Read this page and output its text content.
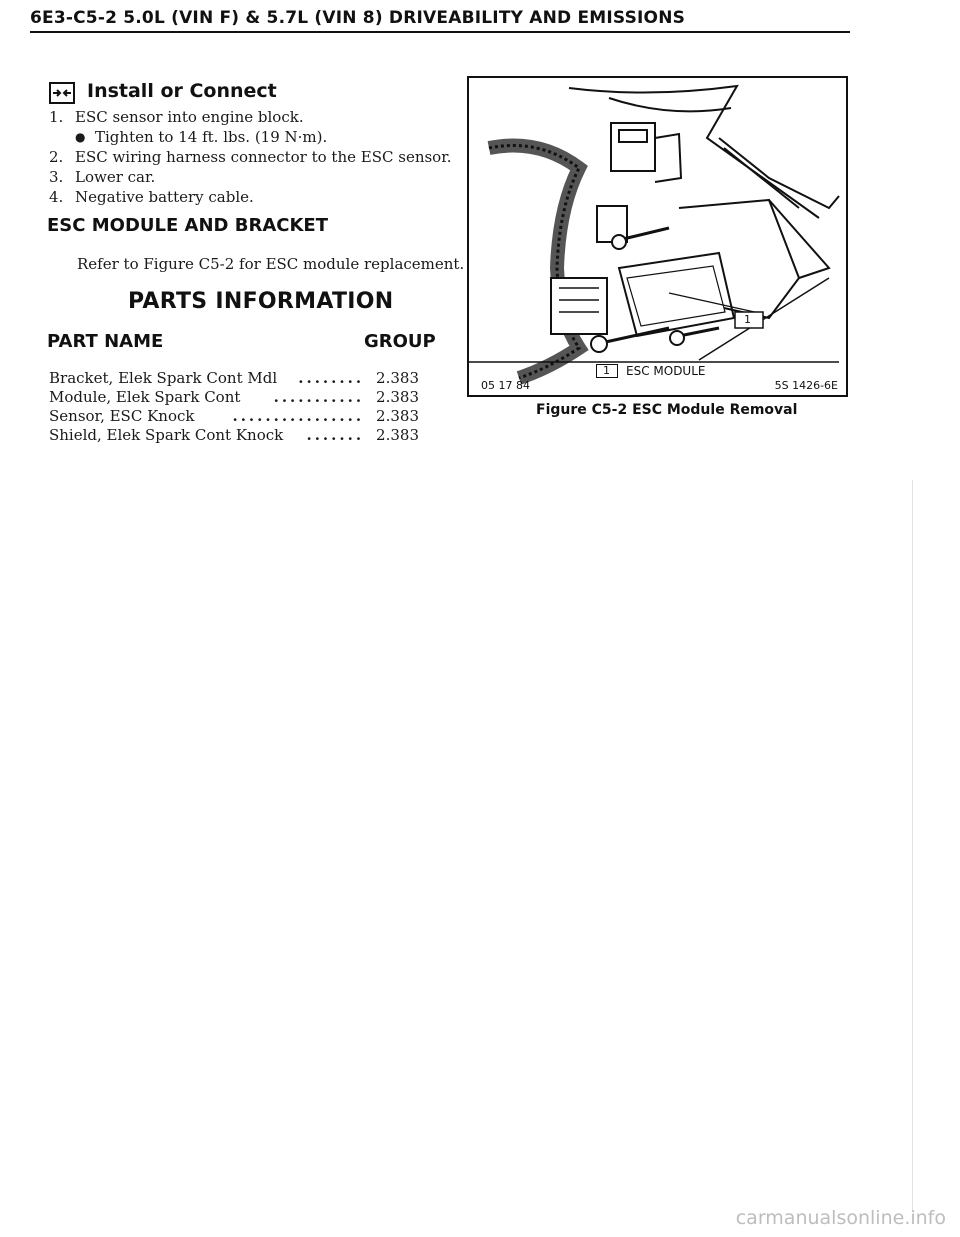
6E3-C5-2 5.0L (VIN F) & 5.7L (VIN 8) DRIVEABILITY AND EMISSIONS
Install or Connect
1. ESC sensor into engine block.
● Tighten to 14 ft. lbs. (19 N·m).
2. ESC wiring harness connector to the ESC sensor.
3. Lower car.
4. Negative battery cable.
ESC MODULE AND BRACKET
Refer to Figure C5-2 for ESC module replacement.
PARTS INFORMATION
PART NAME	GROUP
Bracket, Elek Spark Cont Mdl	........ 2.383
Module, Elek Spark Cont	........... 2.383
Sensor, ESC Knock	................ 2.383
Shield, Elek Spark Cont Knock	....... 2.383
1
1 ESC MODULE
05 17 84	5S 1426-6E
Figure C5-2 ESC Module Removal
carmanualsonline.info
